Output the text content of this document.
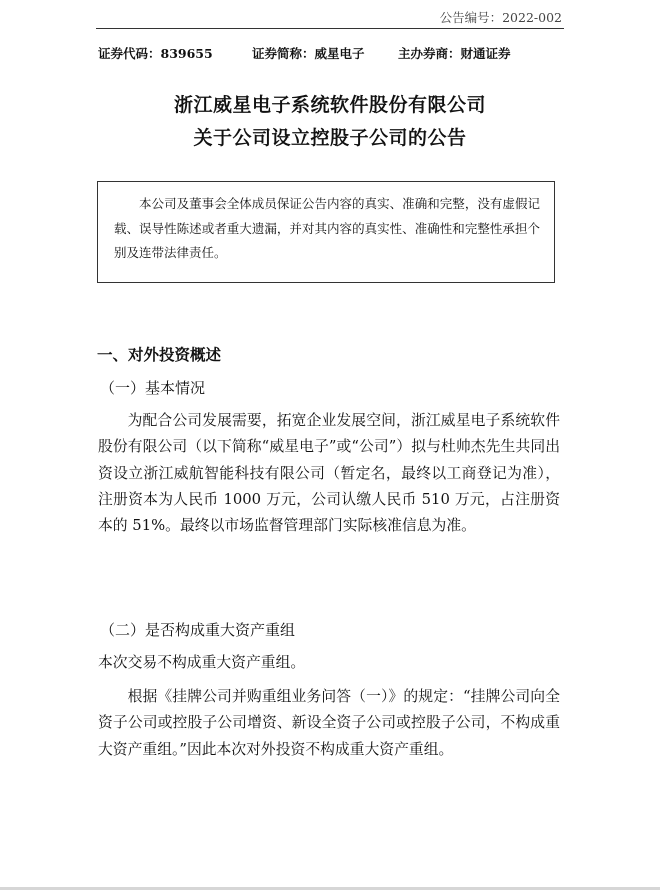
公告编号：2022-002
证券代码：839655	证券简称：威星电子	主办券商：财通证券
浙江威星电子系统软件股份有限公司
关于公司设立控股子公司的公告

本公司及董事会全体成员保证公告内容的真实、准确和完整，没有虚假记载、误导性陈述或者重大遗漏，并对其内容的真实性、准确性和完整性承担个别及连带法律责任。

一、对外投资概述
（一）基本情况
为配合公司发展需要，拓宽企业发展空间，浙江威星电子系统软件股份有限公司（以下简称“威星电子”或“公司”）拟与杜帅杰先生共同出资设立浙江威航智能科技有限公司（暂定名，最终以工商登记为准），注册资本为人民币 1000 万元，公司认缴人民币 510 万元，占注册资本的 51%。最终以市场监督管理部门实际核准信息为准。
（二）是否构成重大资产重组
本次交易不构成重大资产重组。
根据《挂牌公司并购重组业务问答（一）》的规定：“挂牌公司向全资子公司或控股子公司增资、新设全资子公司或控股子公司，不构成重大资产重组。”因此本次对外投资不构成重大资产重组。
